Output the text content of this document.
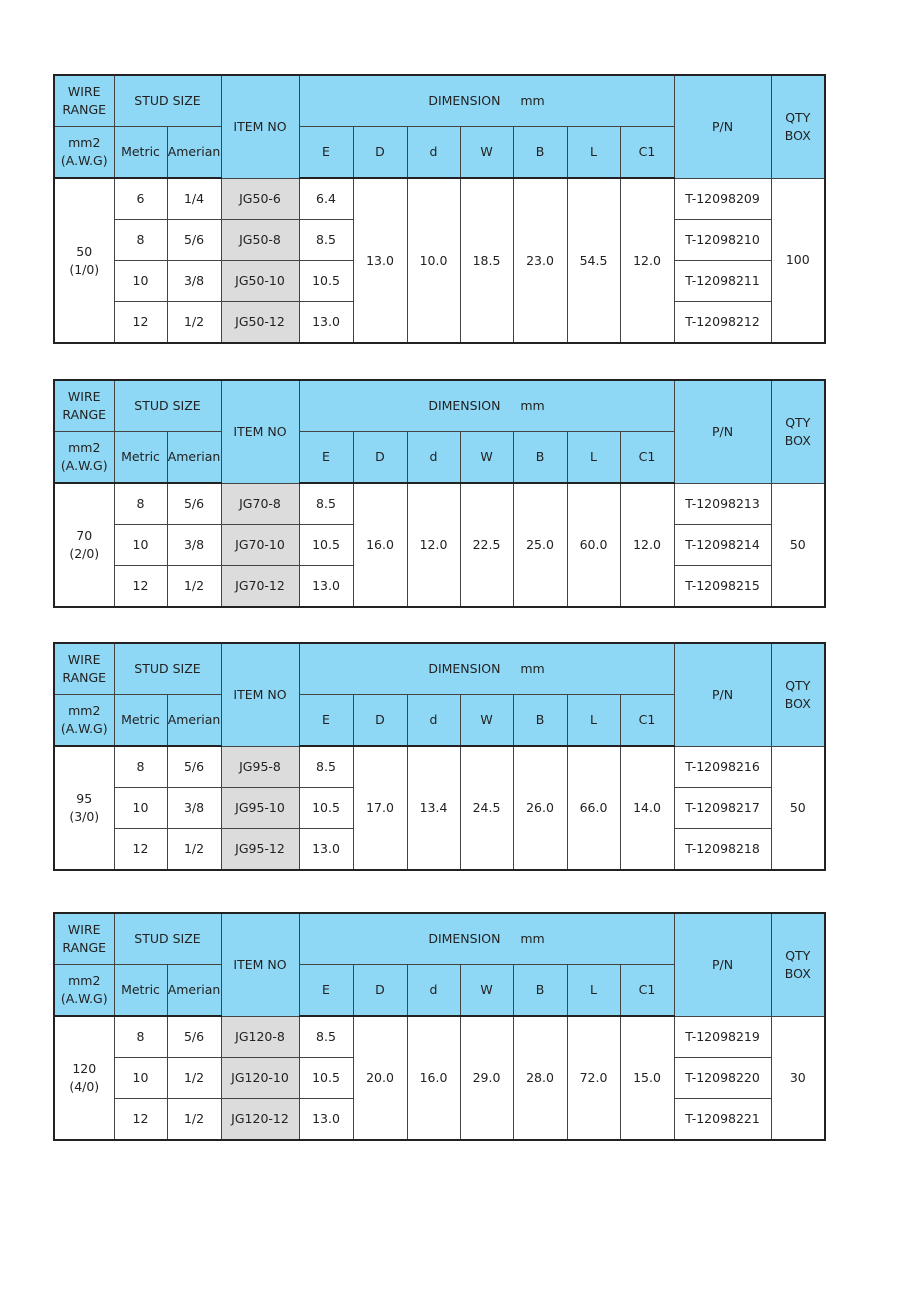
WIRE RANGE	STUD SIZE		ITEM NO	DIMENSION     mm							P/N	QTY BOX
mm2 (A.W.G)	Metric	Amerian		E	D	d	W	B	L	C1		

50
(1/0)	6	1/4	JG50-6	6.4	13.0	10.0	18.5	23.0	54.5	12.0	T-12098209	100
	8	5/6	JG50-8	8.5							T-12098210	
	10	3/8	JG50-10	10.5							T-12098211	
	12	1/2	JG50-12	13.0							T-12098212	
WIRE RANGE	STUD SIZE		ITEM NO	DIMENSION     mm							P/N	QTY BOX
mm2 (A.W.G)	Metric	Amerian		E	D	d	W	B	L	C1		

70
(2/0)	8	5/6	JG70-8	8.5	16.0	12.0	22.5	25.0	60.0	12.0	T-12098213	50
	10	3/8	JG70-10	10.5							T-12098214	
	12	1/2	JG70-12	13.0							T-12098215	
WIRE RANGE	STUD SIZE		ITEM NO	DIMENSION     mm							P/N	QTY BOX
mm2 (A.W.G)	Metric	Amerian		E	D	d	W	B	L	C1		

95
(3/0)	8	5/6	JG95-8	8.5	17.0	13.4	24.5	26.0	66.0	14.0	T-12098216	50
	10	3/8	JG95-10	10.5							T-12098217	
	12	1/2	JG95-12	13.0							T-12098218	
WIRE RANGE	STUD SIZE		ITEM NO	DIMENSION     mm							P/N	QTY BOX
mm2 (A.W.G)	Metric	Amerian		E	D	d	W	B	L	C1		

120
(4/0)	8	5/6	JG120-8	8.5	20.0	16.0	29.0	28.0	72.0	15.0	T-12098219	30
	10	1/2	JG120-10	10.5							T-12098220	
	12	1/2	JG120-12	13.0							T-12098221	
